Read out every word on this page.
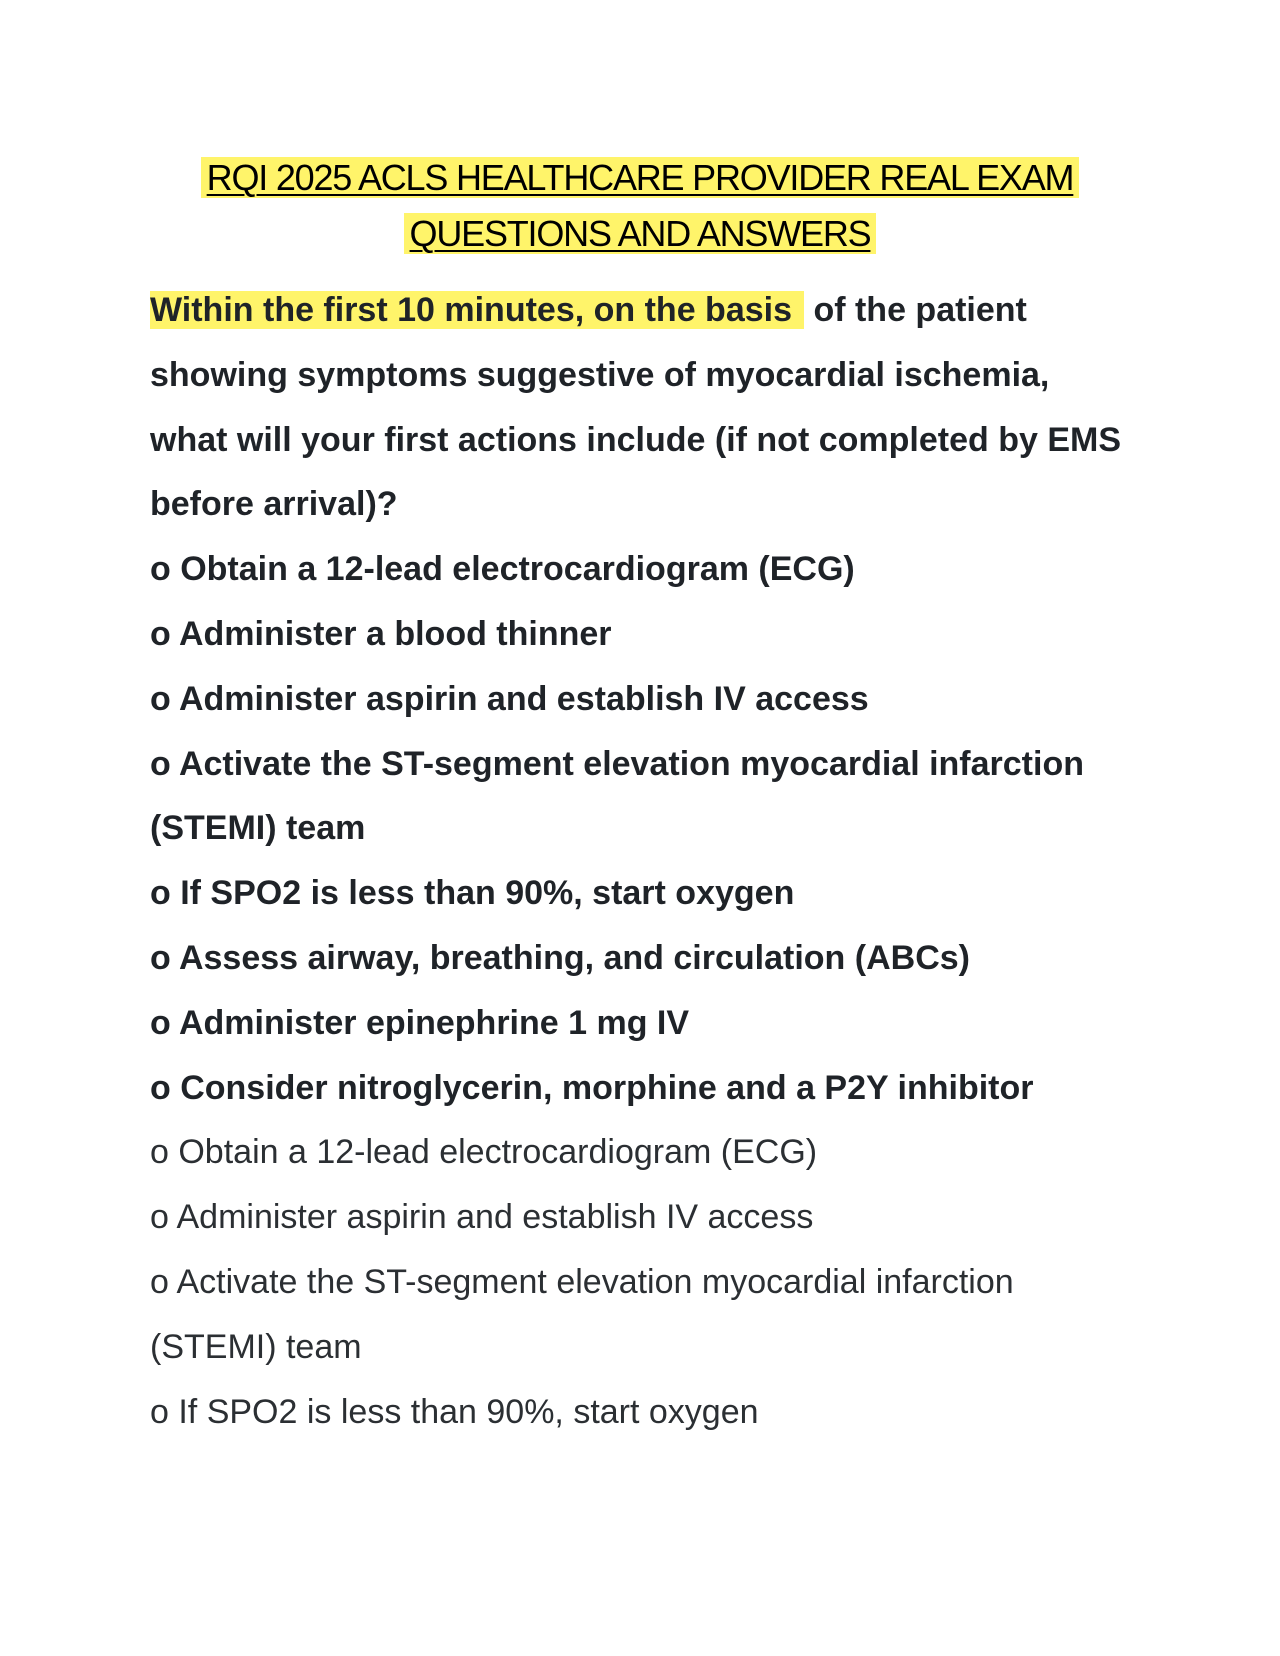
RQI 2025 ACLS HEALTHCARE PROVIDER REAL EXAM
QUESTIONS AND ANSWERS

Within the first 10 minutes, on the basis of the patient showing symptoms suggestive of myocardial ischemia, what will your first actions include (if not completed by EMS before arrival)?

o Obtain a 12-lead electrocardiogram (ECG)

o Administer a blood thinner

o Administer aspirin and establish IV access

o Activate the ST-segment elevation myocardial infarction (STEMI) team

o If SPO2 is less than 90%, start oxygen

o Assess airway, breathing, and circulation (ABCs)

o Administer epinephrine 1 mg IV

o Consider nitroglycerin, morphine and a P2Y inhibitor

o Obtain a 12-lead electrocardiogram (ECG)

o Administer aspirin and establish IV access

o Activate the ST-segment elevation myocardial infarction (STEMI) team

o If SPO2 is less than 90%, start oxygen
